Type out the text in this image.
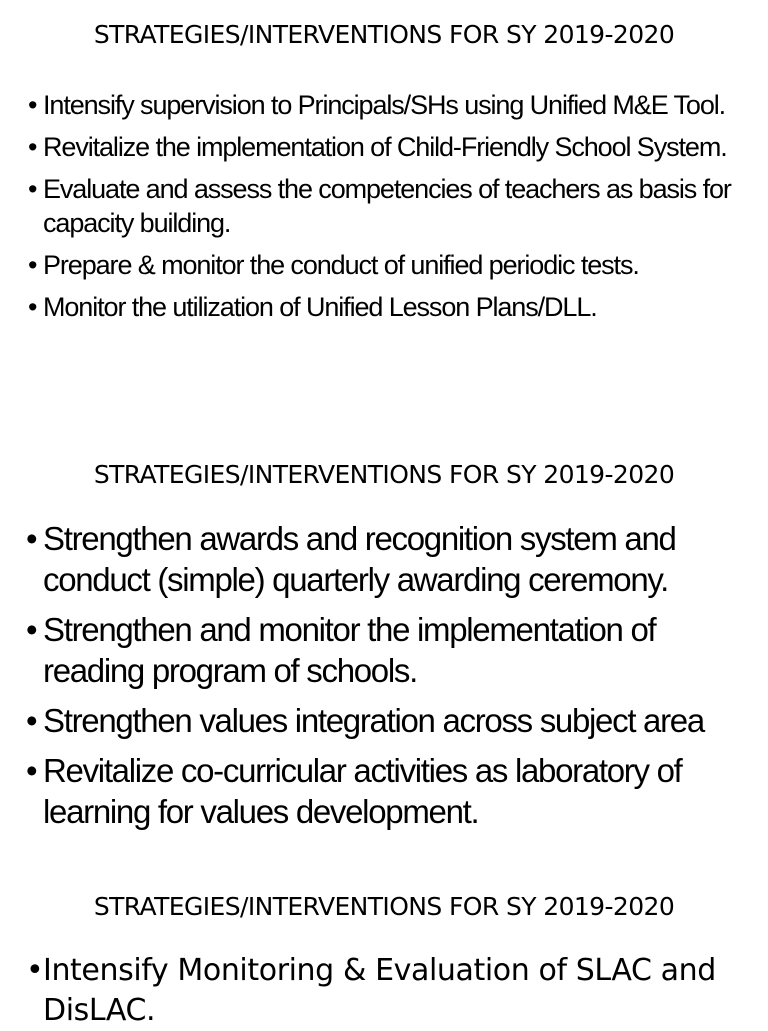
STRATEGIES/INTERVENTIONS FOR SY 2019-2020
• Intensify supervision to Principals/SHs using Unified M&E Tool.
• Revitalize the implementation of Child-Friendly School System.
• Evaluate and assess the competencies of teachers as basis for capacity building.
• Prepare & monitor the conduct of unified periodic tests.
• Monitor the utilization of Unified Lesson Plans/DLL.
STRATEGIES/INTERVENTIONS FOR SY 2019-2020
• Strengthen awards and recognition system and conduct (simple) quarterly awarding ceremony.
• Strengthen and monitor the implementation of reading program of schools.
• Strengthen values integration across subject area
• Revitalize co-curricular activities as laboratory of learning for values development.
STRATEGIES/INTERVENTIONS FOR SY 2019-2020
• Intensify Monitoring & Evaluation of SLAC and DisLAC.
